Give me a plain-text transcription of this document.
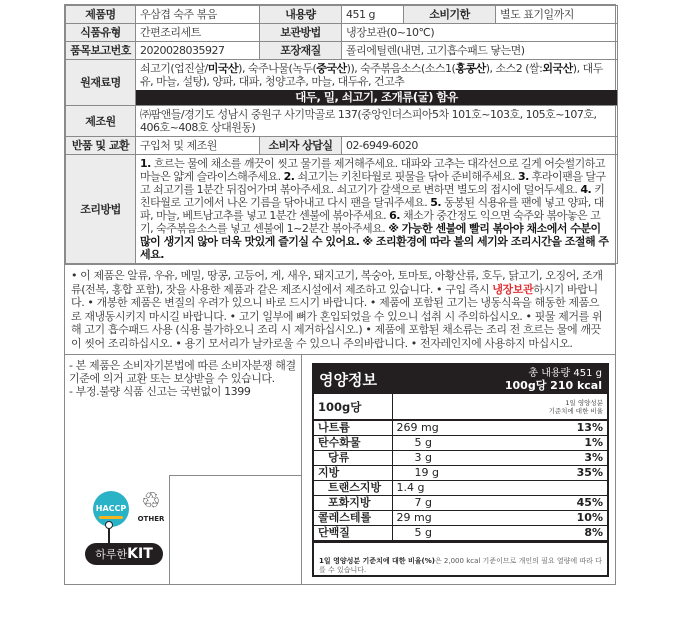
제품명	우삼겹 숙주 볶음	내용량	451 g	소비기한	별도 표기일까지
식품유형	간편조리세트	보관방법	냉장보관(0~10℃)		
품목보고번호	2020028035927	포장재질	폴리에틸렌(내면, 고기흡수패드 닿는면)		
원재료명	쇠고기(업진살/미국산), 숙주나물(녹두(중국산)), 숙주볶음소스(소스1(홍콩산), 소스2 (쌀:외국산), 대두유, 마늘, 설탕), 양파, 대파, 청양고추, 마늘, 대두유, 건고추
대두, 밀, 쇠고기, 조개류(굴) 함유				

제조원	㈜팜앤들/경기도 성남시 중원구 사기막골로 137(중앙인더스피아5차 101호~103호, 105호~107호, 406호~408호 상대원동)				
반품 및 교환	구입처 및 제조원	소비자 상담실	02-6949-6020		
조리방법	1. 흐르는 물에 채소를 깨끗이 씻고 물기를 제거해주세요. 대파와 고추는 대각선으로 길게 어슷썰기하고 마늘은 얇게 슬라이스해주세요. 2. 쇠고기는 키친타월로 핏물을 닦아 준비해주세요. 3. 후라이팬을 달구고 쇠고기를 1분간 뒤집어가며 볶아주세요. 쇠고기가 갈색으로 변하면 별도의 접시에 덜어두세요. 4. 키친타월로 고기에서 나온 기름을 닦아내고 다시 팬을 달궈주세요. 5. 동봉된 식용유를 팬에 넣고 양파, 대파, 마늘, 베트남고추를 넣고 1분간 센불에 볶아주세요. 6. 채소가 중간정도 익으면 숙주와 볶아놓은 고기, 숙주볶음소스를 넣고 센불에 1~2분간 볶아주세요. ※ 가능한 센불에 빨리 볶아야 채소에서 수분이 많이 생기지 않아 더욱 맛있게 즐기실 수 있어요. ※ 조리환경에 따라 불의 세기와 조리시간을 조절해 주세요.				
• 이 제품은 알류, 우유, 메밀, 땅콩, 고등어, 게, 새우, 돼지고기, 복숭아, 토마토, 아황산류, 호두, 닭고기, 오징어, 조개류(전복, 홍합 포함), 잣을 사용한 제품과 같은 제조시설에서 제조하고 있습니다. • 구입 즉시 냉장보관하시기 바랍니다. • 개봉한 제품은 변질의 우려가 있으니 바로 드시기 바랍니다. • 제품에 포함된 고기는 냉동식육을 해동한 제품으로 재냉동시키지 마시길 바랍니다. • 고기 일부에 뼈가 혼입되었을 수 있으니 섭취 시 주의하십시오. • 핏물 제거를 위해 고기 흡수패드 사용 (식용 불가하오니 조리 시 제거하십시오.) • 제품에 포함된 채소류는 조리 전 흐르는 물에 깨끗이 씻어 조리하십시오. • 용기 모서리가 날카로울 수 있으니 주의바랍니다. • 전자레인지에 사용하지 마십시오.
- 본 제품은 소비자기본법에 따른 소비자분쟁 해결기준에 의거 교환 또는 보상받을 수 있습니다.
- 부정.불량 식품 신고는 국번없이 1399
HACCP ♲
OTHER
하루한KIT
영양정보	총 내용량 451 g
100g당 210 kcal
100g당	1일 영양성분
기준치에 대한 비율	

나트륨	269 mg	13%
탄수화물	5 g	1%
당류	3 g	3%
지방	19 g	35%
트랜스지방	1.4 g	
포화지방	7 g	45%
콜레스테롤	29 mg	10%
단백질	5 g	8%
1일 영양성분 기준치에 대한 비율(%)은 2,000 kcal 기준이므로 개인의 필요 열량에 따라 다를 수 있습니다.
